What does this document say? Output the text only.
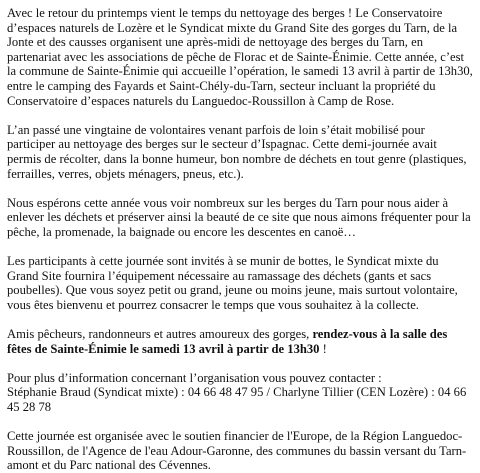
Avec le retour du printemps vient le temps du nettoyage des berges ! Le Conservatoire d’espaces naturels de Lozère et le Syndicat mixte du Grand Site des gorges du Tarn, de la Jonte et des causses organisent une après-midi de nettoyage des berges du Tarn, en partenariat avec les associations de pêche de Florac et de Sainte-Énimie. Cette année, c’est la commune de Sainte-Énimie qui accueille l’opération, le samedi 13 avril à partir de 13h30, entre le camping des Fayards et Saint-Chély-du-Tarn, secteur incluant la propriété du Conservatoire d’espaces naturels du Languedoc-Roussillon à Camp de Rose.

L’an passé une vingtaine de volontaires venant parfois de loin s’était mobilisé pour participer au nettoyage des berges sur le secteur d’Ispagnac. Cette demi-journée avait permis de récolter, dans la bonne humeur, bon nombre de déchets en tout genre (plastiques, ferrailles, verres, objets ménagers, pneus, etc.).

Nous espérons cette année vous voir nombreux sur les berges du Tarn pour nous aider à enlever les déchets et préserver ainsi la beauté de ce site que nous aimons fréquenter pour la pêche, la promenade, la baignade ou encore les descentes en canoë…

Les participants à cette journée sont invités à se munir de bottes, le Syndicat mixte du Grand Site fournira l’équipement nécessaire au ramassage des déchets (gants et sacs poubelles). Que vous soyez petit ou grand, jeune ou moins jeune, mais surtout volontaire, vous êtes bienvenu et pourrez consacrer le temps que vous souhaitez à la collecte.

Amis pêcheurs, randonneurs et autres amoureux des gorges, rendez-vous à la salle des fêtes de Sainte-Énimie le samedi 13 avril à partir de 13h30 !

Pour plus d’information concernant l’organisation vous pouvez contacter :
Stéphanie Braud (Syndicat mixte) : 04 66 48 47 95 / Charlyne Tillier (CEN Lozère) : 04 66 45 28 78

Cette journée est organisée avec le soutien financier de l'Europe, de la Région Languedoc-Roussillon, de l'Agence de l'eau Adour-Garonne, des communes du bassin versant du Tarn-amont et du Parc national des Cévennes.
